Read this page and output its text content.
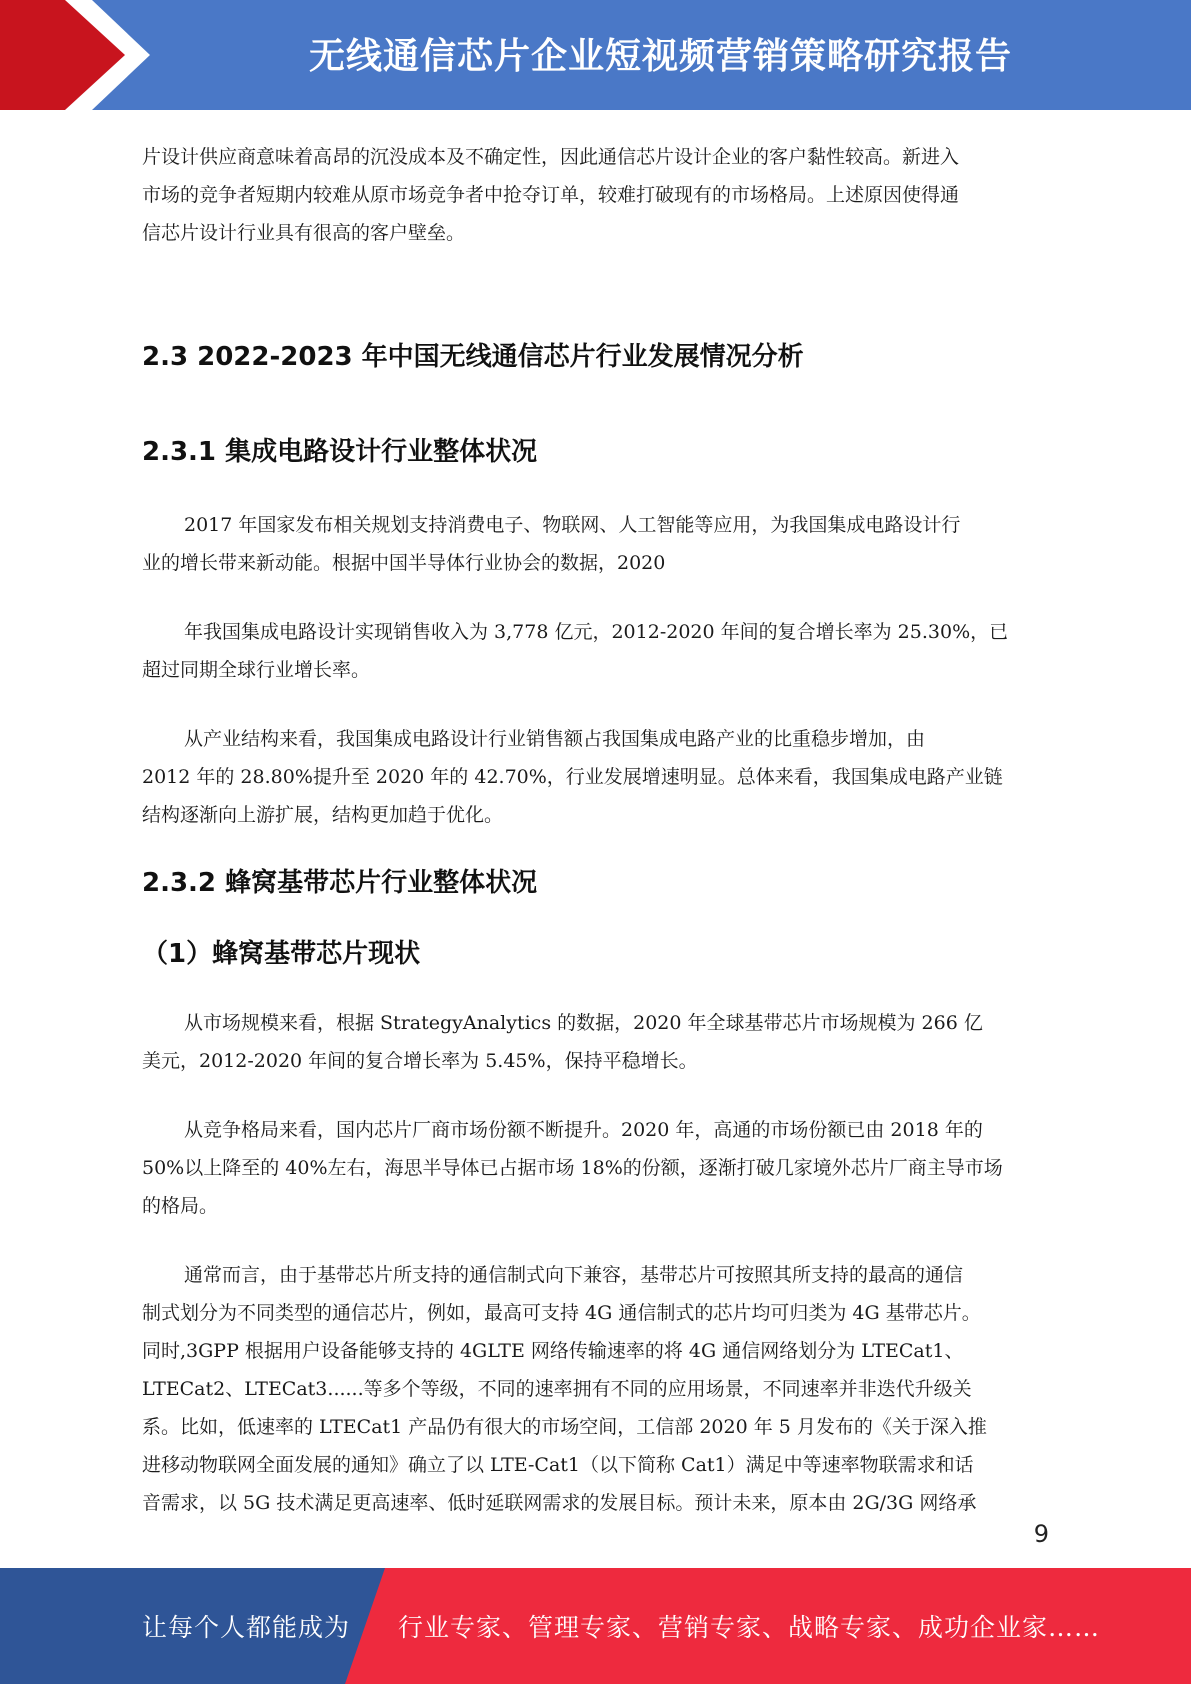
无线通信芯片企业短视频营销策略研究报告

片设计供应商意味着高昂的沉没成本及不确定性，因此通信芯片设计企业的客户黏性较高。新进入
市场的竞争者短期内较难从原市场竞争者中抢夺订单，较难打破现有的市场格局。上述原因使得通
信芯片设计行业具有很高的客户壁垒。

2.3 2022-2023 年中国无线通信芯片行业发展情况分析
2.3.1 集成电路设计行业整体状况

2017 年国家发布相关规划支持消费电子、物联网、人工智能等应用，为我国集成电路设计行
业的增长带来新动能。根据中国半导体行业协会的数据，2020

年我国集成电路设计实现销售收入为 3,778 亿元，2012-2020 年间的复合增长率为 25.30%，已
超过同期全球行业增长率。

从产业结构来看，我国集成电路设计行业销售额占我国集成电路产业的比重稳步增加，由
2012 年的 28.80%提升至 2020 年的 42.70%，行业发展增速明显。总体来看，我国集成电路产业链
结构逐渐向上游扩展，结构更加趋于优化。

2.3.2 蜂窝基带芯片行业整体状况
（1）蜂窝基带芯片现状

从市场规模来看，根据 StrategyAnalytics 的数据，2020 年全球基带芯片市场规模为 266 亿
美元，2012-2020 年间的复合增长率为 5.45%，保持平稳增长。

从竞争格局来看，国内芯片厂商市场份额不断提升。2020 年，高通的市场份额已由 2018 年的
50%以上降至的 40%左右，海思半导体已占据市场 18%的份额，逐渐打破几家境外芯片厂商主导市场
的格局。

通常而言，由于基带芯片所支持的通信制式向下兼容，基带芯片可按照其所支持的最高的通信
制式划分为不同类型的通信芯片，例如，最高可支持 4G 通信制式的芯片均可归类为 4G 基带芯片。
同时,3GPP 根据用户设备能够支持的 4GLTE 网络传输速率的将 4G 通信网络划分为 LTECat1、
LTECat2、LTECat3......等多个等级，不同的速率拥有不同的应用场景，不同速率并非迭代升级关
系。比如，低速率的 LTECat1 产品仍有很大的市场空间，工信部 2020 年 5 月发布的《关于深入推
进移动物联网全面发展的通知》确立了以 LTE-Cat1（以下简称 Cat1）满足中等速率物联需求和话
音需求，以 5G 技术满足更高速率、低时延联网需求的发展目标。预计未来，原本由 2G/3G 网络承

9
让每个人都能成为 行业专家、管理专家、营销专家、战略专家、成功企业家……
